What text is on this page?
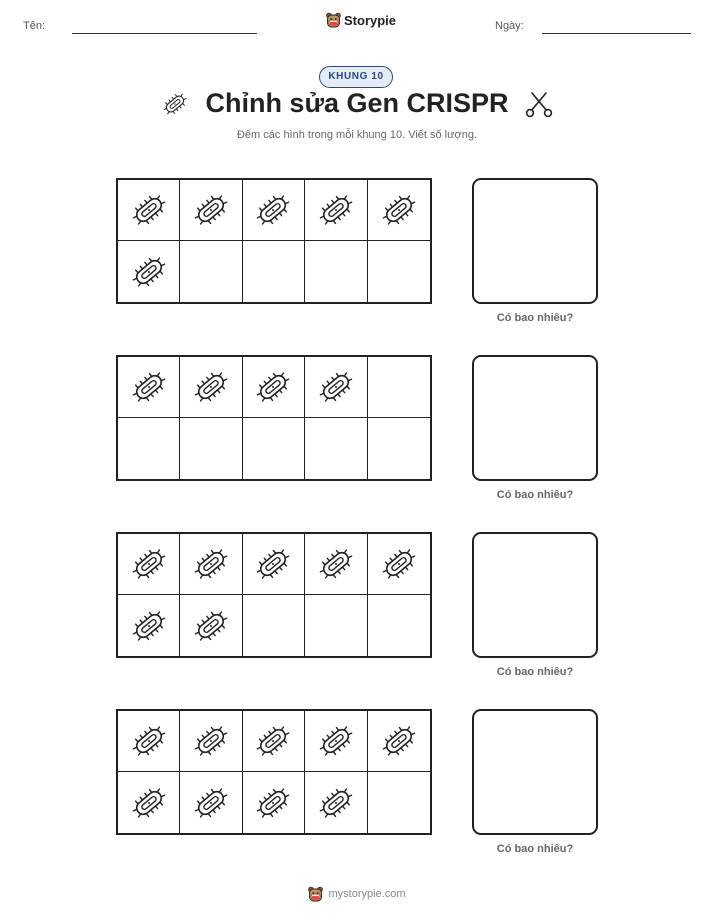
Tên:	Storypie	Ngày:
KHUNG 10
Chỉnh sửa Gen CRISPR
Đếm các hình trong mỗi khung 10. Viết số lượng.
Có bao nhiêu?
Có bao nhiêu?
Có bao nhiêu?
Có bao nhiêu?
mystorypie.com
